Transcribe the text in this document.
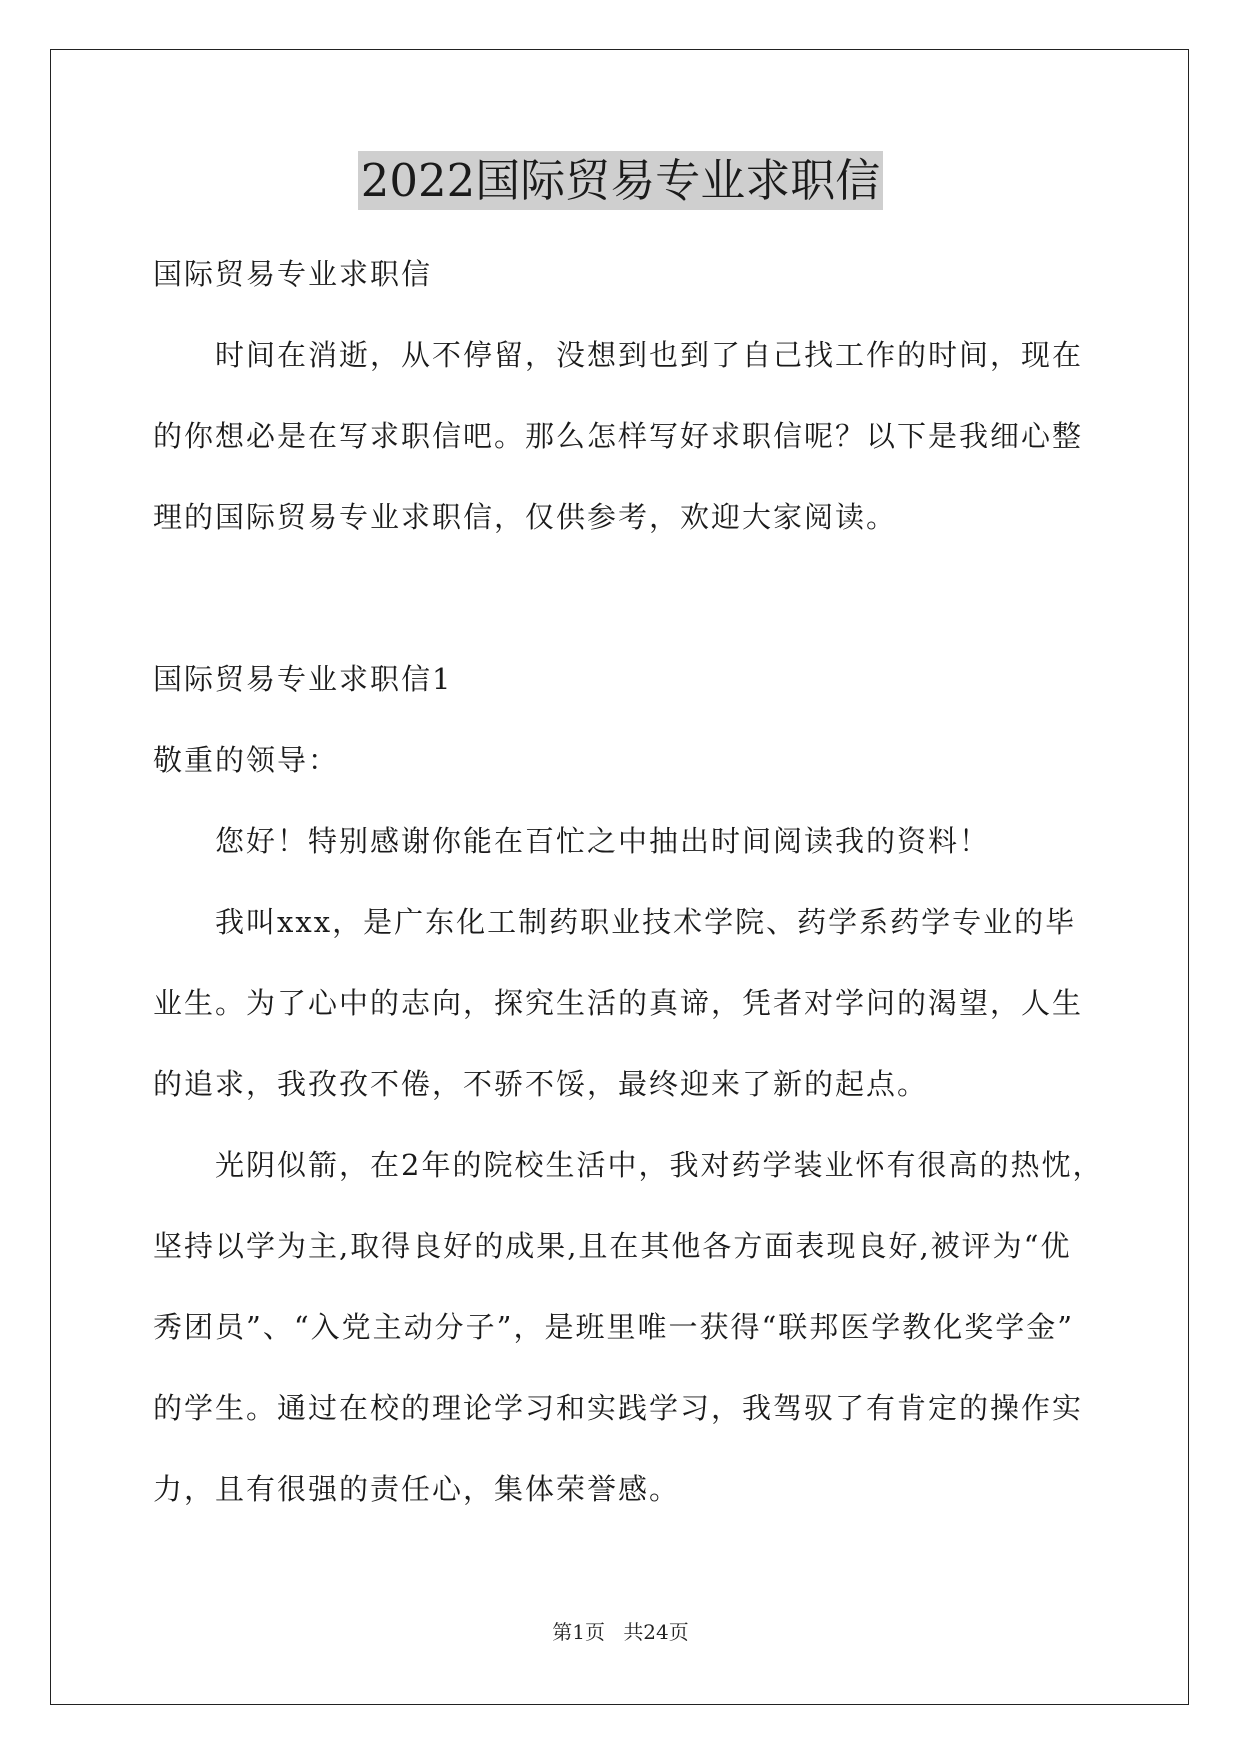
2022国际贸易专业求职信
国际贸易专业求职信
时间在消逝，从不停留，没想到也到了自己找工作的时间，现在
的你想必是在写求职信吧。那么怎样写好求职信呢？以下是我细心整
理的国际贸易专业求职信，仅供参考，欢迎大家阅读。
国际贸易专业求职信1
敬重的领导：
您好！特别感谢你能在百忙之中抽出时间阅读我的资料！
我叫xxx，是广东化工制药职业技术学院、药学系药学专业的毕
业生。为了心中的志向，探究生活的真谛，凭者对学问的渴望，人生
的追求，我孜孜不倦，不骄不馁，最终迎来了新的起点。
光阴似箭，在2年的院校生活中，我对药学装业怀有很高的热忱，
坚持以学为主,取得良好的成果,且在其他各方面表现良好,被评为“优
秀团员”、“入党主动分子”，是班里唯一获得“联邦医学教化奖学金”
的学生。通过在校的理论学习和实践学习，我驾驭了有肯定的操作实
力，且有很强的责任心，集体荣誉感。
第1页 共24页
